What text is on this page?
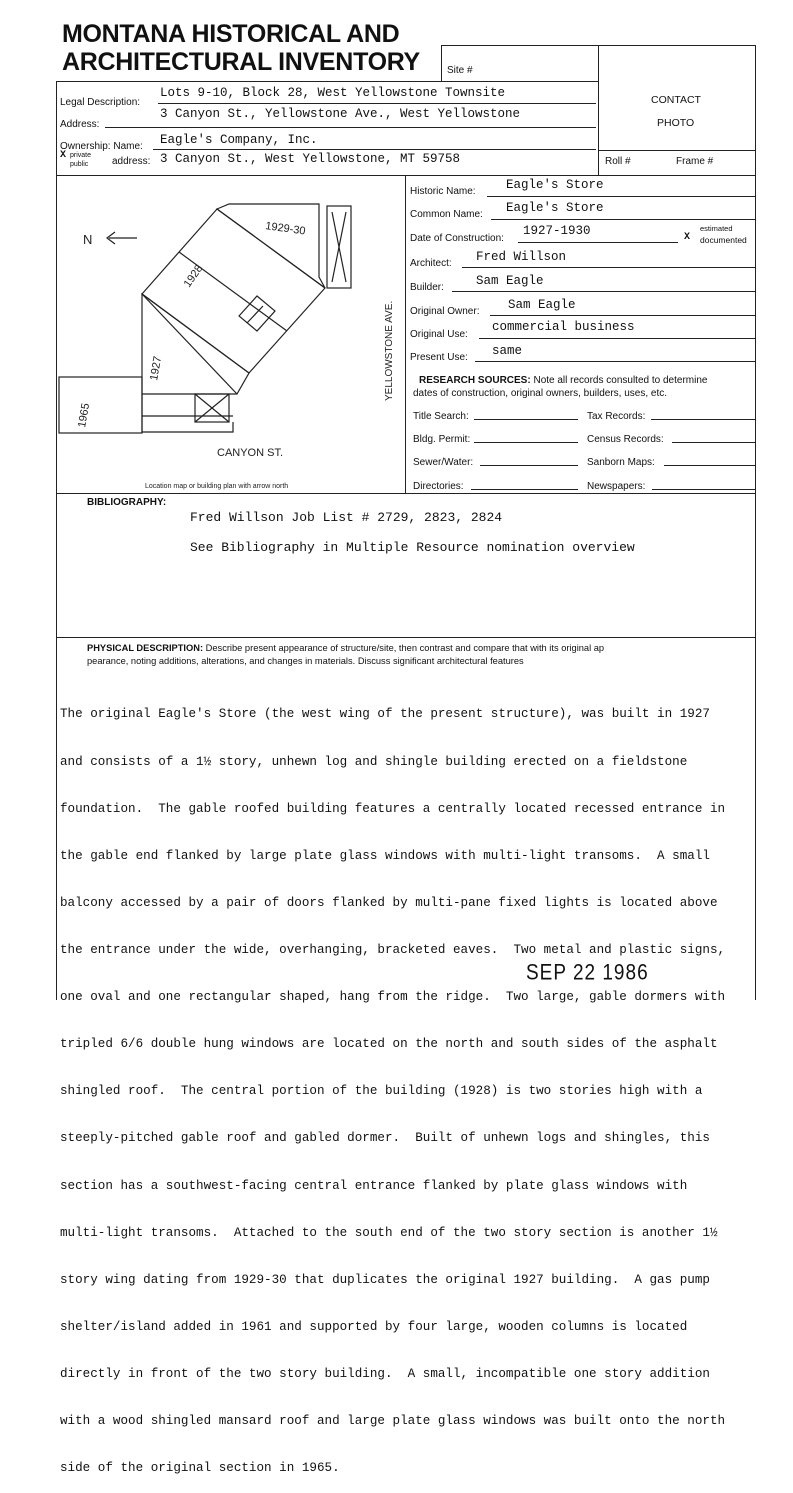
MONTANA HISTORICAL AND
ARCHITECTURAL INVENTORY	Site #
Legal Description:
Lots 9-10, Block 28, West Yellowstone Townsite
Address:
3 Canyon St., Yellowstone Ave., West Yellowstone
Ownership: Name: Eagle's Company, Inc.
X private
public address: 3 Canyon St., West Yellowstone, MT 59758
CONTACT
PHOTO
Roll #	Frame #
Historic Name: Eagle's Store
Common Name: Eagle's Store
Date of Construction:
1927-1930	estimated
X documented
Architect: Fred Willson
Builder:	Sam Eagle
Original Owner: Sam Eagle
Original Use:
commercial business
Present Use: same
RESEARCH SOURCES: Note all records consulted to determine
dates of construction, original owners, builders, uses, etc.
Title Search:	Tax Records:
Bldg. Permit:	Census Records:
Sewer/Water:	Sanborn Maps:
Directories:	Newspapers:
N
1929-30
1928
1927
1965
CANYON ST.
YELLOWSTONE AVE.
Location map or building plan with arrow north
BIBLIOGRAPHY:
Fred Willson Job List # 2729, 2823, 2824
See Bibliography in Multiple Resource nomination overview
PHYSICAL DESCRIPTION: Describe present appearance of structure/site, then contrast and compare that with its original ap
pearance, noting additions, alterations, and changes in materials. Discuss significant architectural features

The original Eagle's Store (the west wing of the present structure), was built in 1927

and consists of a 1½ story, unhewn log and shingle building erected on a fieldstone

foundation.  The gable roofed building features a centrally located recessed entrance in

the gable end flanked by large plate glass windows with multi-light transoms.  A small

balcony accessed by a pair of doors flanked by multi-pane fixed lights is located above

the entrance under the wide, overhanging, bracketed eaves.  Two metal and plastic signs,

one oval and one rectangular shaped, hang from the ridge.  Two large, gable dormers with

tripled 6/6 double hung windows are located on the north and south sides of the asphalt

shingled roof.  The central portion of the building (1928) is two stories high with a

steeply-pitched gable roof and gabled dormer.  Built of unhewn logs and shingles, this

section has a southwest-facing central entrance flanked by plate glass windows with

multi-light transoms.  Attached to the south end of the two story section is another 1½

story wing dating from 1929-30 that duplicates the original 1927 building.  A gas pump

shelter/island added in 1961 and supported by four large, wooden columns is located

directly in front of the two story building.  A small, incompatible one story addition

with a wood shingled mansard roof and large plate glass windows was built onto the north

side of the original section in 1965.

SEP 22 1986
